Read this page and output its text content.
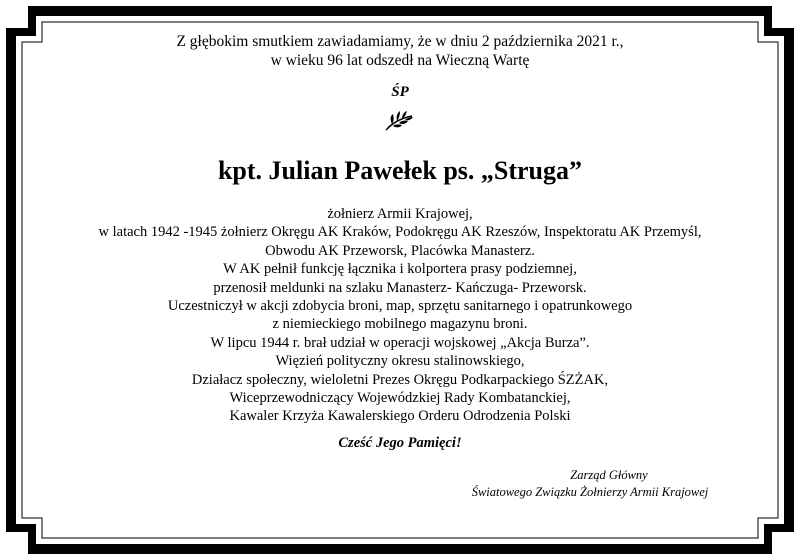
Z głębokim smutkiem zawiadamiamy, że w dniu 2 października 2021 r.,
w wieku 96 lat odszedł na Wieczną Wartę

ŚP
kpt. Julian Pawełek ps. „Struga”
żołnierz Armii Krajowej,
w latach 1942 -1945 żołnierz Okręgu AK Kraków, Podokręgu AK Rzeszów, Inspektoratu AK Przemyśl,
Obwodu AK Przeworsk, Placówka Manasterz.
W AK pełnił funkcję łącznika i kolportera prasy podziemnej,
przenosił meldunki na szlaku Manasterz- Kańczuga- Przeworsk.
Uczestniczył w akcji zdobycia broni, map, sprzętu sanitarnego i opatrunkowego
z niemieckiego mobilnego magazynu broni.
W lipcu 1944 r. brał udział w operacji wojskowej „Akcja Burza”.
Więzień polityczny okresu stalinowskiego,
Działacz społeczny, wieloletni Prezes Okręgu Podkarpackiego ŚZŻAK,
Wiceprzewodniczący Wojewódzkiej Rady Kombatanckiej,
Kawaler Krzyża Kawalerskiego Orderu Odrodzenia Polski
Cześć Jego Pamięci!
Zarząd Główny
Światowego Związku Żołnierzy Armii Krajowej
